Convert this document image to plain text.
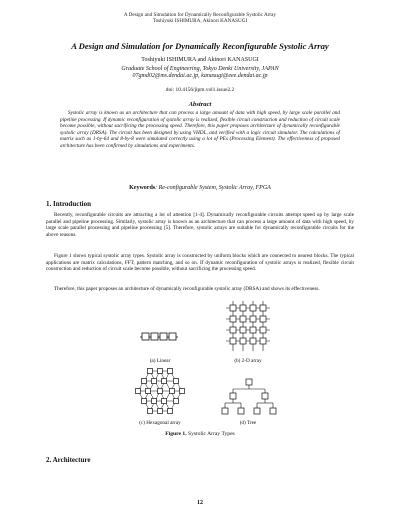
A Design and Simulation for Dynamically Reconfigurable Systolic Array
Toshiyuki ISHIMURA, Akinori KANASUGI
A Design and Simulation for Dynamically Reconfigurable Systolic Array
Toshiyuki ISHIMURA and Akinori KANASUGI
Graduate School of Engineering, Tokyo Denki University, JAPAN
07gmd02@ms.dendai.ac.jp, kanasugi@eee.dendai.ac.jp
doi: 10.4156/jipm.vol1.issue2.2
Abstract
Systolic array is known as an architecture that can process a large amount of data with high speed, by large scale parallel and pipeline processing. If dynamic reconfiguration of systolic array is realized, flexible circuit construction and reduction of circuit scale become possible, without sacrificing the processing speed. Therefore, this paper proposes architecture of dynamically reconfigurable systolic array (DRSA). The circuit has been designed by using VHDL, and verified with a logic circuit simulator. The calculations of matrix such as 1-by-64 and 8-by-8 were simulated correctly using a lot of PEs (Processing Element). The effectiveness of proposed architecture has been confirmed by simulations and experiments.
Keywords: Re-configurable System, Systolic Array, FPGA
1. Introduction
Recently, reconfigurable circuits are attracting a lot of attention [1-4]. Dynamically reconfigurable circuits attempt speed up by large scale parallel and pipeline processing. Similarly, systolic array is known as an architecture that can process a large amount of data with high speed, by large scale parallel processing and pipeline processing [5]. Therefore, systolic arrays are suitable for dynamically reconfigurable circuits for the above reasons.
Figure 1 shows typical systolic array types. Systolic array is constructed by uniform blocks which are connected to nearest blocks. The typical applications are matrix calculations, FFT, pattern matching, and so on. If dynamic reconfiguration of systolic arrays is realized, flexible circuit construction and reduction of circuit scale become possible, without sacrificing the processing speed.
Therefore, this paper proposes an architecture of dynamically reconfigurable systolic array (DRSA) and shows its effectiveness.
(a) Linear	(b) 2-D array
(c) Hexagonal array	(d) Tree
Figure 1. Systolic Array Types
2. Architecture
12
